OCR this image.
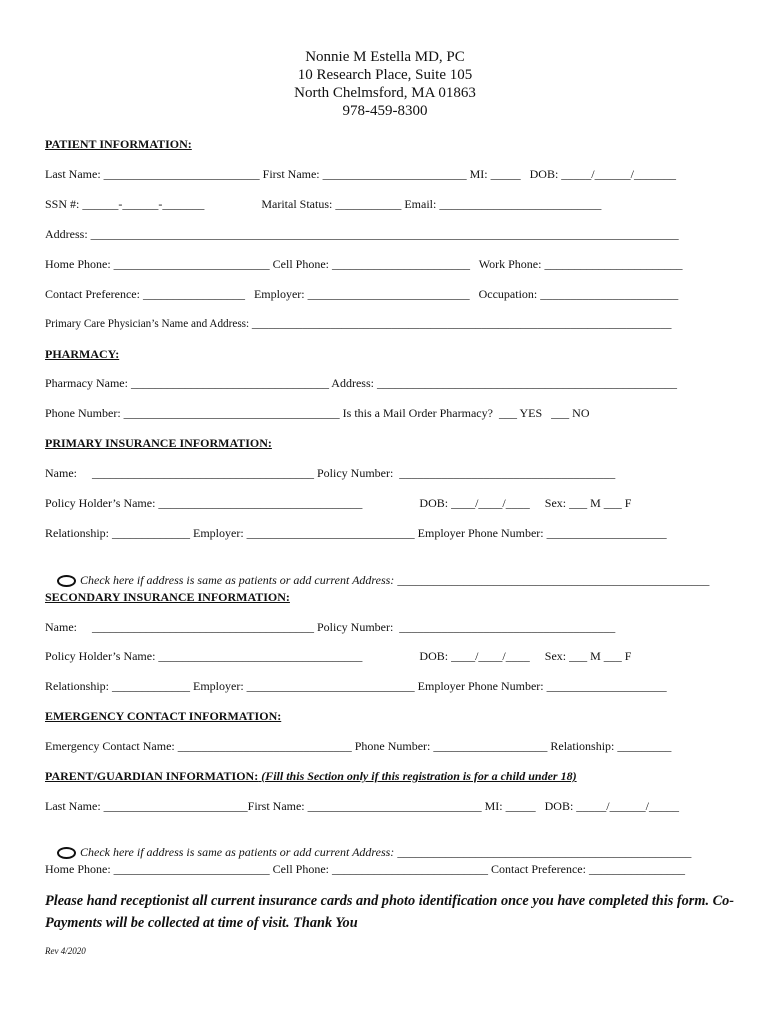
Nonnie M Estella MD, PC
10 Research Place, Suite 105
North Chelmsford, MA 01863
978-459-8300
PATIENT INFORMATION:
Last Name: __________________________ First Name: ________________________ MI: _____   DOB: _____/______/_______
SSN #: ______-______-_______                   Marital Status: ___________ Email: ___________________________
Address: __________________________________________________________________________________________________
Home Phone: __________________________ Cell Phone: _______________________   Work Phone: _______________________
Contact Preference: _________________   Employer: ___________________________   Occupation: _______________________
Primary Care Physician’s Name and Address: ___________________________________________________________________________
PHARMACY:
Pharmacy Name: _________________________________ Address: __________________________________________________
Phone Number: ____________________________________ Is this a Mail Order Pharmacy?  ___ YES   ___ NO
PRIMARY INSURANCE INFORMATION:
Name:     _____________________________________ Policy Number:  ____________________________________
Policy Holder’s Name: __________________________________                   DOB: ____/____/____     Sex: ___ M ___ F
Relationship: _____________ Employer: ____________________________ Employer Phone Number: ____________________

Check here if address is same as patients or add current Address: ____________________________________________________

SECONDARY INSURANCE INFORMATION:
Name:     _____________________________________ Policy Number:  ____________________________________
Policy Holder’s Name: __________________________________                   DOB: ____/____/____     Sex: ___ M ___ F
Relationship: _____________ Employer: ____________________________ Employer Phone Number: ____________________
EMERGENCY CONTACT INFORMATION:
Emergency Contact Name: _____________________________ Phone Number: ___________________ Relationship: _________
PARENT/GUARDIAN INFORMATION: (Fill this Section only if this registration is for a child under 18)
Last Name: ________________________First Name: _____________________________ MI: _____   DOB: _____/______/_____

Check here if address is same as patients or add current Address: _________________________________________________

Home Phone: __________________________ Cell Phone: __________________________ Contact Preference: ________________
Please hand receptionist all current insurance cards and photo identification once you have completed this form. Co-Payments will be collected at time of visit. Thank You
Rev 4/2020
